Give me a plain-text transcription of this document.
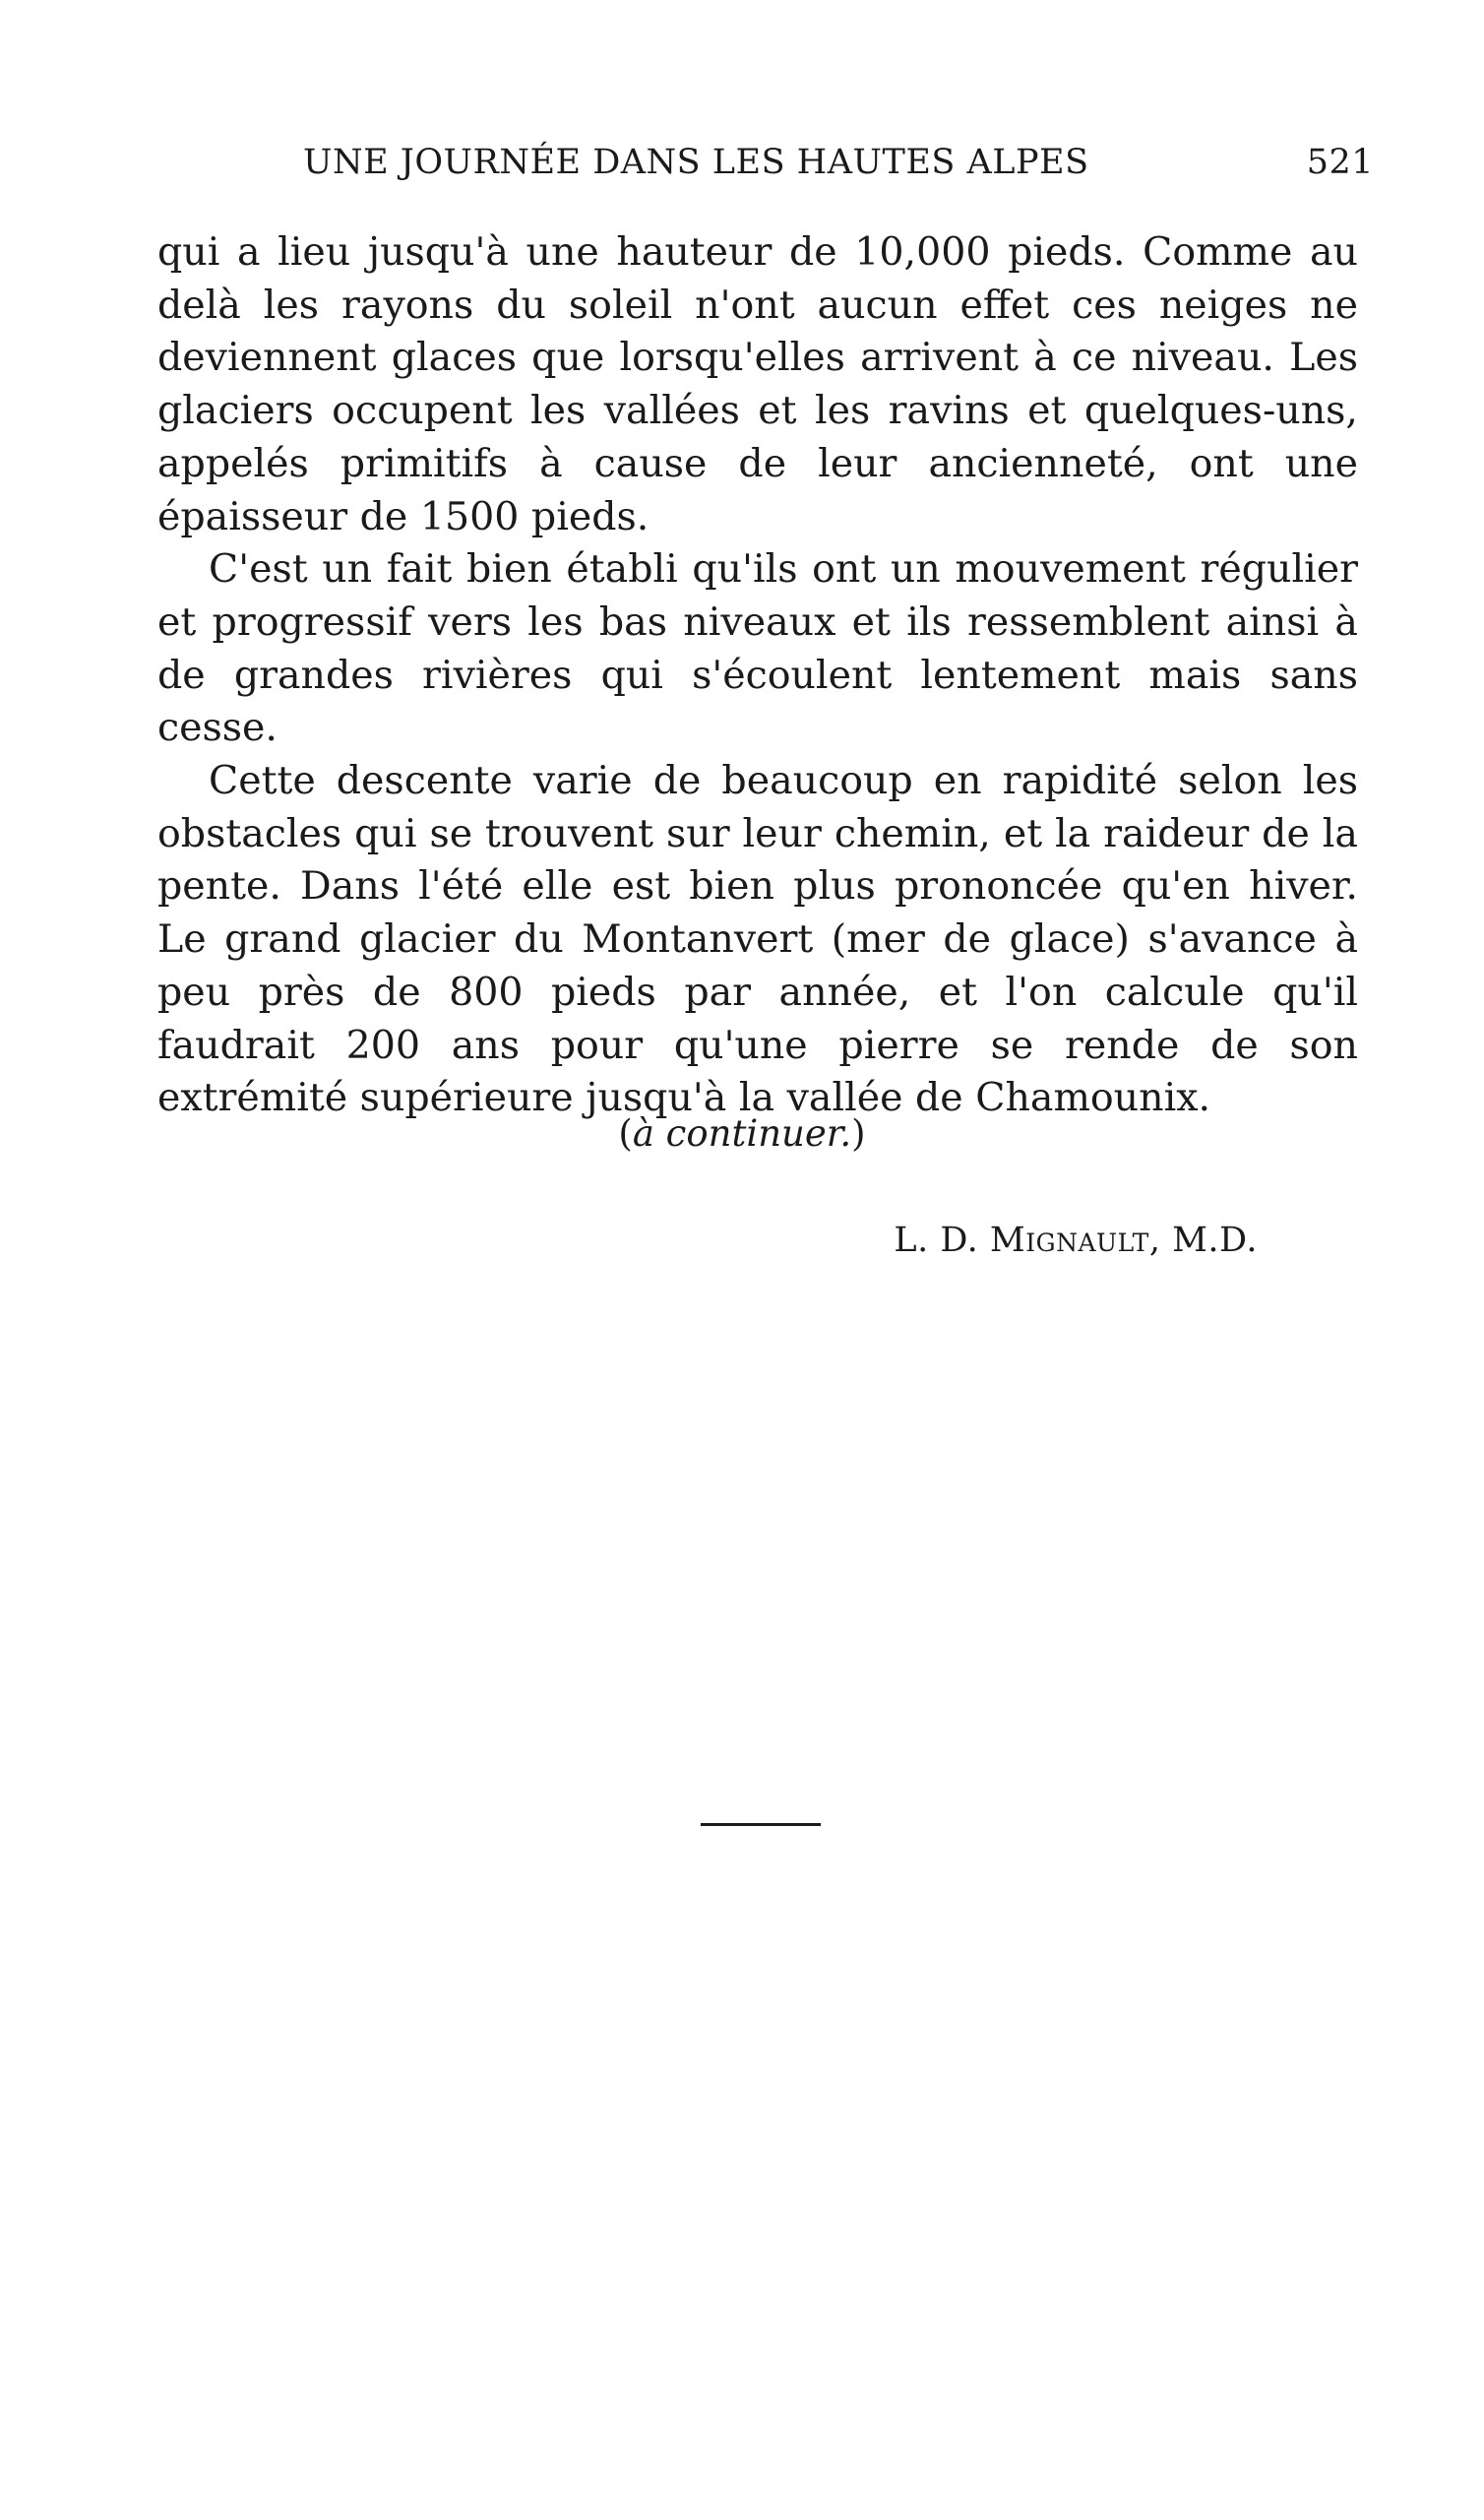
UNE JOURNÉE DANS LES HAUTES ALPES	521

qui a lieu jusqu'à une hauteur de 10,000 pieds. Comme au delà les rayons du soleil n'ont aucun effet ces neiges ne deviennent glaces que lorsqu'elles arrivent à ce niveau. Les glaciers occupent les vallées et les ravins et quelques-uns, appelés primitifs à cause de leur ancienneté, ont une épaisseur de 1500 pieds.

C'est un fait bien établi qu'ils ont un mouvement régulier et progressif vers les bas niveaux et ils ressemblent ainsi à de grandes rivières qui s'écoulent lentement mais sans cesse.

Cette descente varie de beaucoup en rapidité selon les obstacles qui se trouvent sur leur chemin, et la raideur de la pente. Dans l'été elle est bien plus prononcée qu'en hiver. Le grand glacier du Montanvert (mer de glace) s'avance à peu près de 800 pieds par année, et l'on calcule qu'il faudrait 200 ans pour qu'une pierre se rende de son extrémité supérieure jusqu'à la vallée de Chamounix.

(à continuer.)
L. D. Mignault, M.D.
